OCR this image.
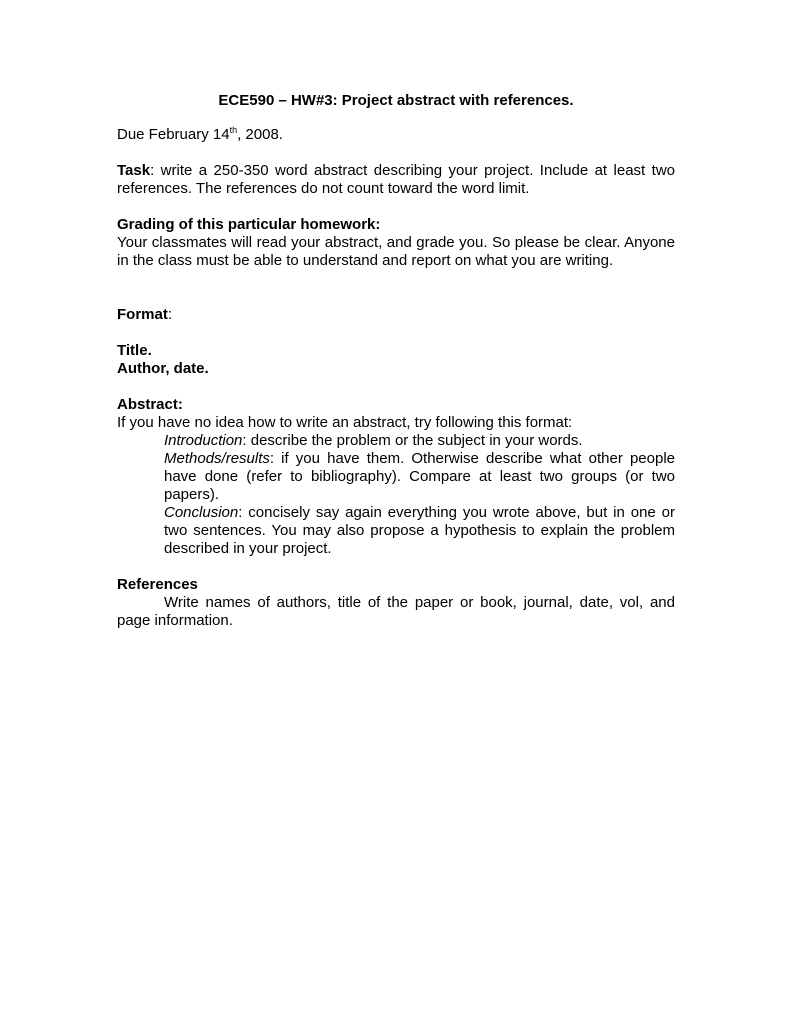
ECE590 – HW#3: Project abstract with references.

Due February 14th, 2008.

Task: write a 250-350 word abstract describing your project. Include at least two references. The references do not count toward the word limit.

Grading of this particular homework:

Your classmates will read your abstract, and grade you. So please be clear. Anyone in the class must be able to understand and report on what you are writing.

Format:

Title.

Author, date.

Abstract:

If you have no idea how to write an abstract, try following this format:

Introduction: describe the problem or the subject in your words.

Methods/results: if you have them. Otherwise describe what other people have done (refer to bibliography). Compare at least two groups (or two papers).

Conclusion: concisely say again everything you wrote above, but in one or two sentences. You may also propose a hypothesis to explain the problem described in your project.

References

Write names of authors, title of the paper or book, journal, date, vol, and page information.
